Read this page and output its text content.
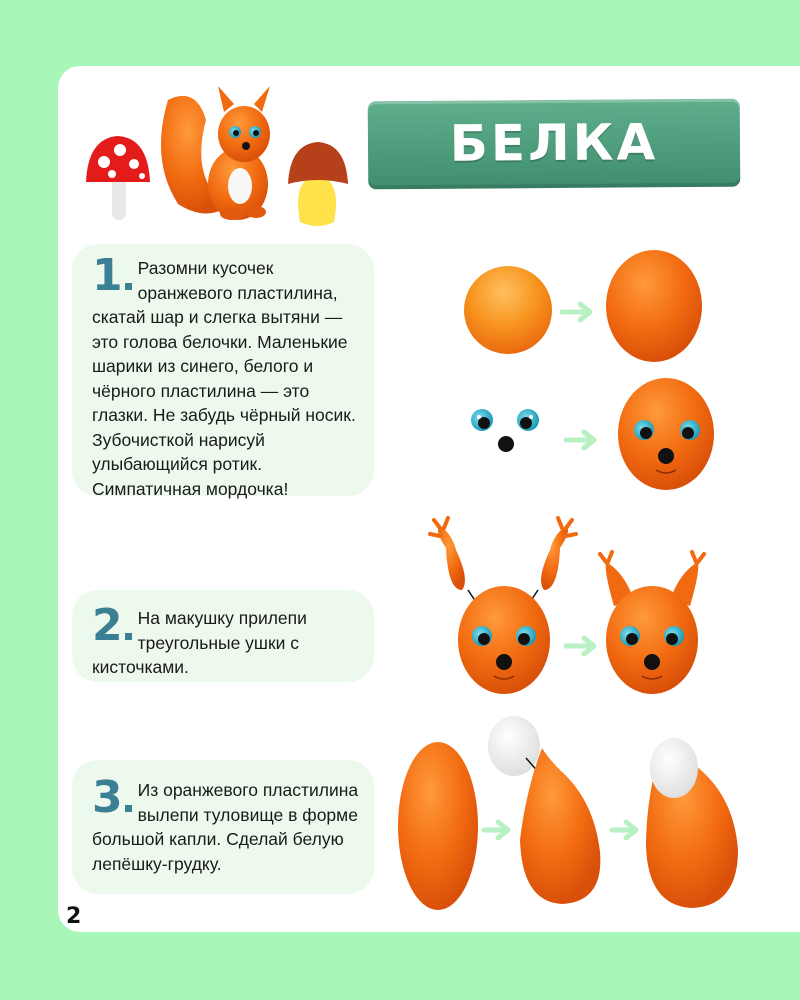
БЕЛКА
1 Разомни кусочек оранжевого пластилина, скатай шар и слегка вытяни — это голова белочки. Маленькие шарики из синего, белого и чёрного пластилина — это глазки. Не забудь чёрный носик. Зубочисткой нарисуй улыбающийся ротик. Симпатичная мордочка!
2 На макушку прилепи треугольные ушки с кисточками.
3 Из оранжевого пластилина вылепи туловище в форме большой капли. Сделай белую лепёшку-грудку.
2
